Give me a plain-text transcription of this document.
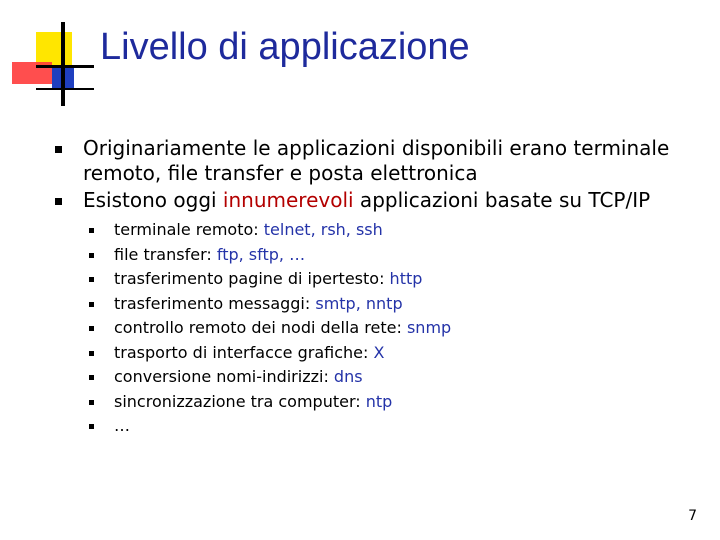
Livello di applicazione
Originariamente le applicazioni disponibili erano terminale remoto, file transfer e posta elettronica
Esistono oggi innumerevoli applicazioni basate su TCP/IP
terminale remoto: telnet, rsh, ssh
file transfer: ftp, sftp, …
trasferimento pagine di ipertesto: http
trasferimento messaggi: smtp, nntp
controllo remoto dei nodi della rete: snmp
trasporto di interfacce grafiche: X
conversione nomi-indirizzi: dns
sincronizzazione tra computer: ntp
…
7
